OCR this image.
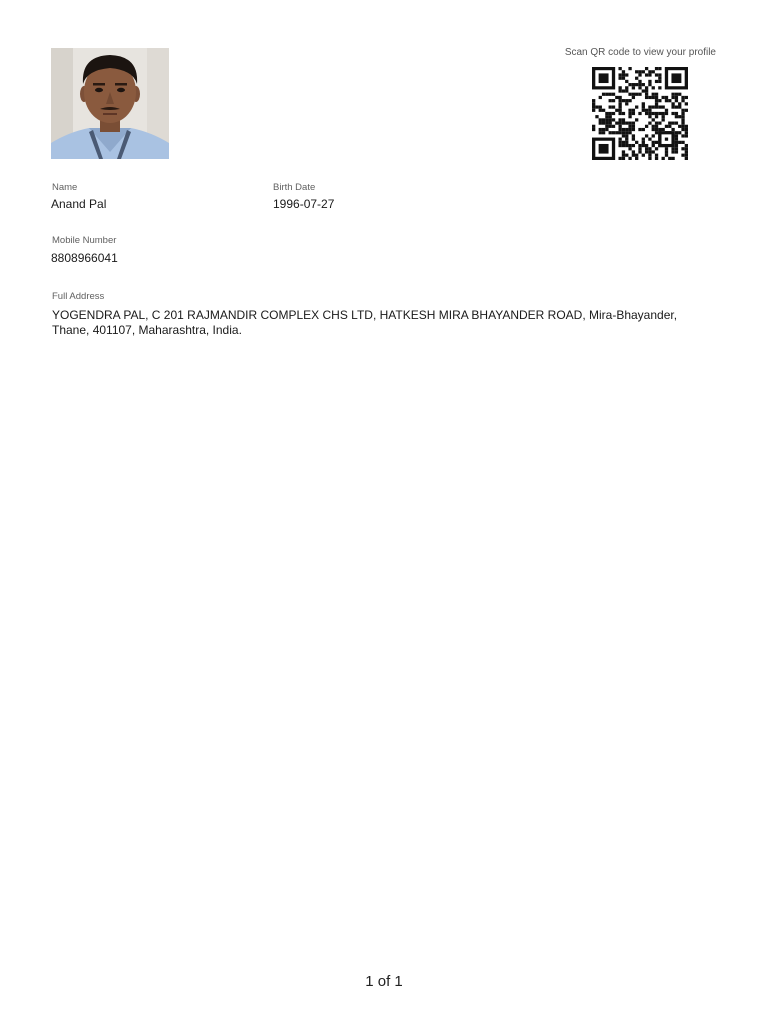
Scan QR code to view your profile
Name
Anand Pal
Birth Date
1996-07-27
Mobile Number
8808966041
Full Address
YOGENDRA PAL, C 201 RAJMANDIR COMPLEX CHS LTD, HATKESH MIRA BHAYANDER ROAD, Mira-Bhayander,
Thane, 401107, Maharashtra, India.
1 of 1
